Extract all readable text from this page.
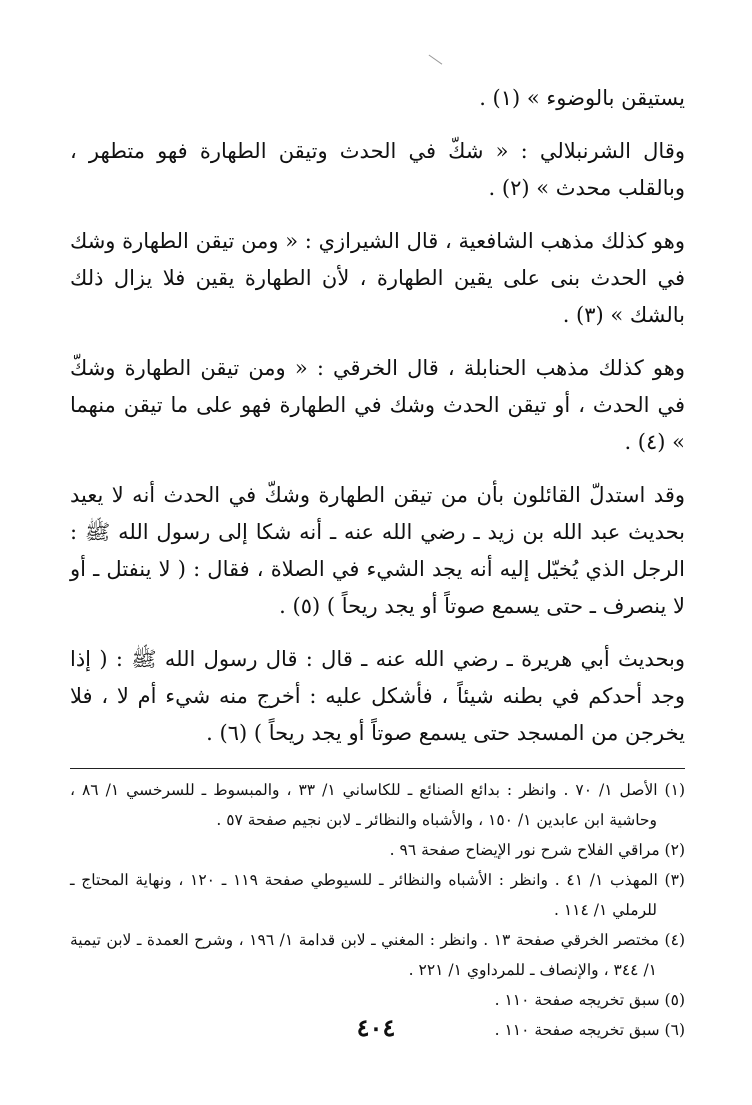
يستيقن بالوضوء » (١) .

وقال الشرنبلالي : « شكّ في الحدث وتيقن الطهارة فهو متطهر ، وبالقلب محدث » (٢) .

وهو كذلك مذهب الشافعية ، قال الشيرازي : « ومن تيقن الطهارة وشك في الحدث بنى على يقين الطهارة ، لأن الطهارة يقين فلا يزال ذلك بالشك » (٣) .

وهو كذلك مذهب الحنابلة ، قال الخرقي : « ومن تيقن الطهارة وشكّ في الحدث ، أو تيقن الحدث وشك في الطهارة فهو على ما تيقن منهما » (٤) .

وقد استدلّ القائلون بأن من تيقن الطهارة وشكّ في الحدث أنه لا يعيد بحديث عبد الله بن زيد ـ رضي الله عنه ـ أنه شكا إلى رسول الله ﷺ : الرجل الذي يُخيّل إليه أنه يجد الشيء في الصلاة ، فقال : ( لا ينفتل ـ أو لا ينصرف ـ حتى يسمع صوتاً أو يجد ريحاً ) (٥) .

وبحديث أبي هريرة ـ رضي الله عنه ـ قال : قال رسول الله ﷺ : ( إذا وجد أحدكم في بطنه شيئاً ، فأشكل عليه : أخرج منه شيء أم لا ، فلا يخرجن من المسجد حتى يسمع صوتاً أو يجد ريحاً ) (٦) .

(١) الأصل ١/ ٧٠ . وانظر : بدائع الصنائع ـ للكاساني ١/ ٣٣ ، والمبسوط ـ للسرخسي ١/ ٨٦ ، وحاشية ابن عابدين ١/ ١٥٠ ، والأشباه والنظائر ـ لابن نجيم صفحة ٥٧ .

(٢) مراقي الفلاح شرح نور الإيضاح صفحة ٩٦ .

(٣) المهذب ١/ ٤١ . وانظر : الأشباه والنظائر ـ للسيوطي صفحة ١١٩ ـ ١٢٠ ، ونهاية المحتاج ـ للرملي ١/ ١١٤ .

(٤) مختصر الخرقي صفحة ١٣ . وانظر : المغني ـ لابن قدامة ١/ ١٩٦ ، وشرح العمدة ـ لابن تيمية ١/ ٣٤٤ ، والإنصاف ـ للمرداوي ١/ ٢٢١ .

(٥) سبق تخريجه صفحة ١١٠ .

(٦) سبق تخريجه صفحة ١١٠ .

٤٠٤
